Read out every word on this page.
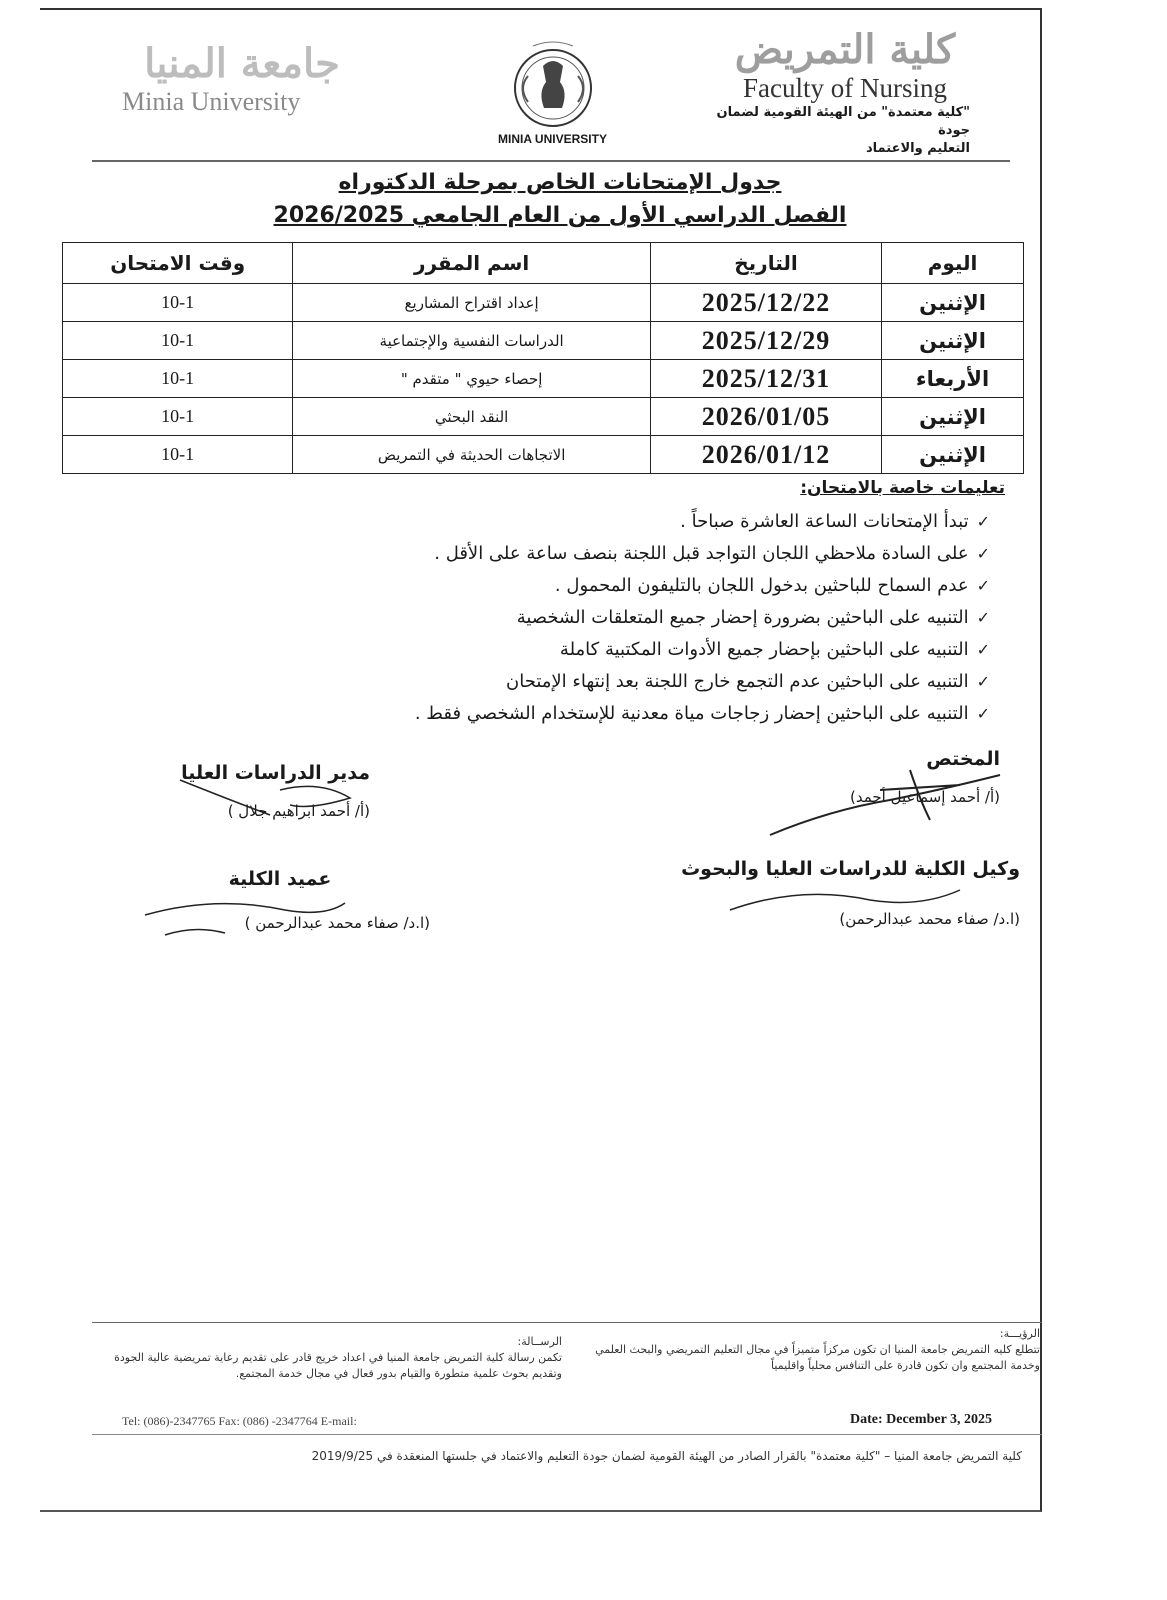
جامعة المنيا
Minia University
MINIA UNIVERSITY
كلية التمريض
Faculty of Nursing
"كلية معتمدة" من الهيئة القومية لضمان جودة
التعليم والاعتماد
جدول الإمتحانات الخاص بمرحلة الدكتوراه
الفصل الدراسي الأول من العام الجامعي 2026/2025
اليوم	التاريخ	اسم المقرر	وقت الامتحان
الإثنين	2025/12/22	إعداد اقتراح المشاريع	10-1
الإثنين	2025/12/29	الدراسات النفسية والإجتماعية	10-1
الأربعاء	2025/12/31	إحصاء حيوي " متقدم "	10-1
الإثنين	2026/01/05	النقد البحثي	10-1
الإثنين	2026/01/12	الاتجاهات الحديثة في التمريض	10-1
تعليمات خاصة بالامتحان:
✓تبدأ الإمتحانات الساعة العاشرة صباحاً .
✓على السادة ملاحظي اللجان التواجد قبل اللجنة بنصف ساعة على الأقل .
✓عدم السماح للباحثين بدخول اللجان بالتليفون المحمول .
✓التنبيه على الباحثين بضرورة إحضار جميع المتعلقات الشخصية
✓التنبيه على الباحثين بإحضار جميع الأدوات المكتبية كاملة
✓التنبيه على الباحثين عدم التجمع خارج اللجنة بعد إنتهاء الإمتحان
✓التنبيه على الباحثين إحضار زجاجات مياة معدنية للإستخدام الشخصي فقط .
المختص
(أ/ أحمد إسماعيل أحمد)
مدير الدراسات العليا
(أ/ أحمد ابراهيم جلال )
وكيل الكلية للدراسات العليا والبحوث
(ا.د/ صفاء محمد عبدالرحمن)
عميد الكلية
(ا.د/ صفاء محمد عبدالرحمن )
الرؤيـــة:
تتطلع كليه التمريض جامعة المنيا ان تكون مركزاً متميزاً في مجال التعليم التمريضي والبحث العلمي وخدمة المجتمع وان تكون قادرة على التنافس محلياً واقليمياً
الرســالة:
تكمن رسالة كلية التمريض جامعة المنيا في اعداد خريج قادر على تقديم رعاية تمريضية عالية الجودة وتقديم بحوث علمية متطورة والقيام بدور فعال في مجال خدمة المجتمع.
Date: December 3, 2025
Tel: (086)-2347765 Fax: (086) -2347764 E-mail:
كلية التمريض جامعة المنيا – "كلية معتمدة" بالقرار الصادر من الهيئة القومية لضمان جودة التعليم والاعتماد في جلستها المنعقدة في 2019/9/25
